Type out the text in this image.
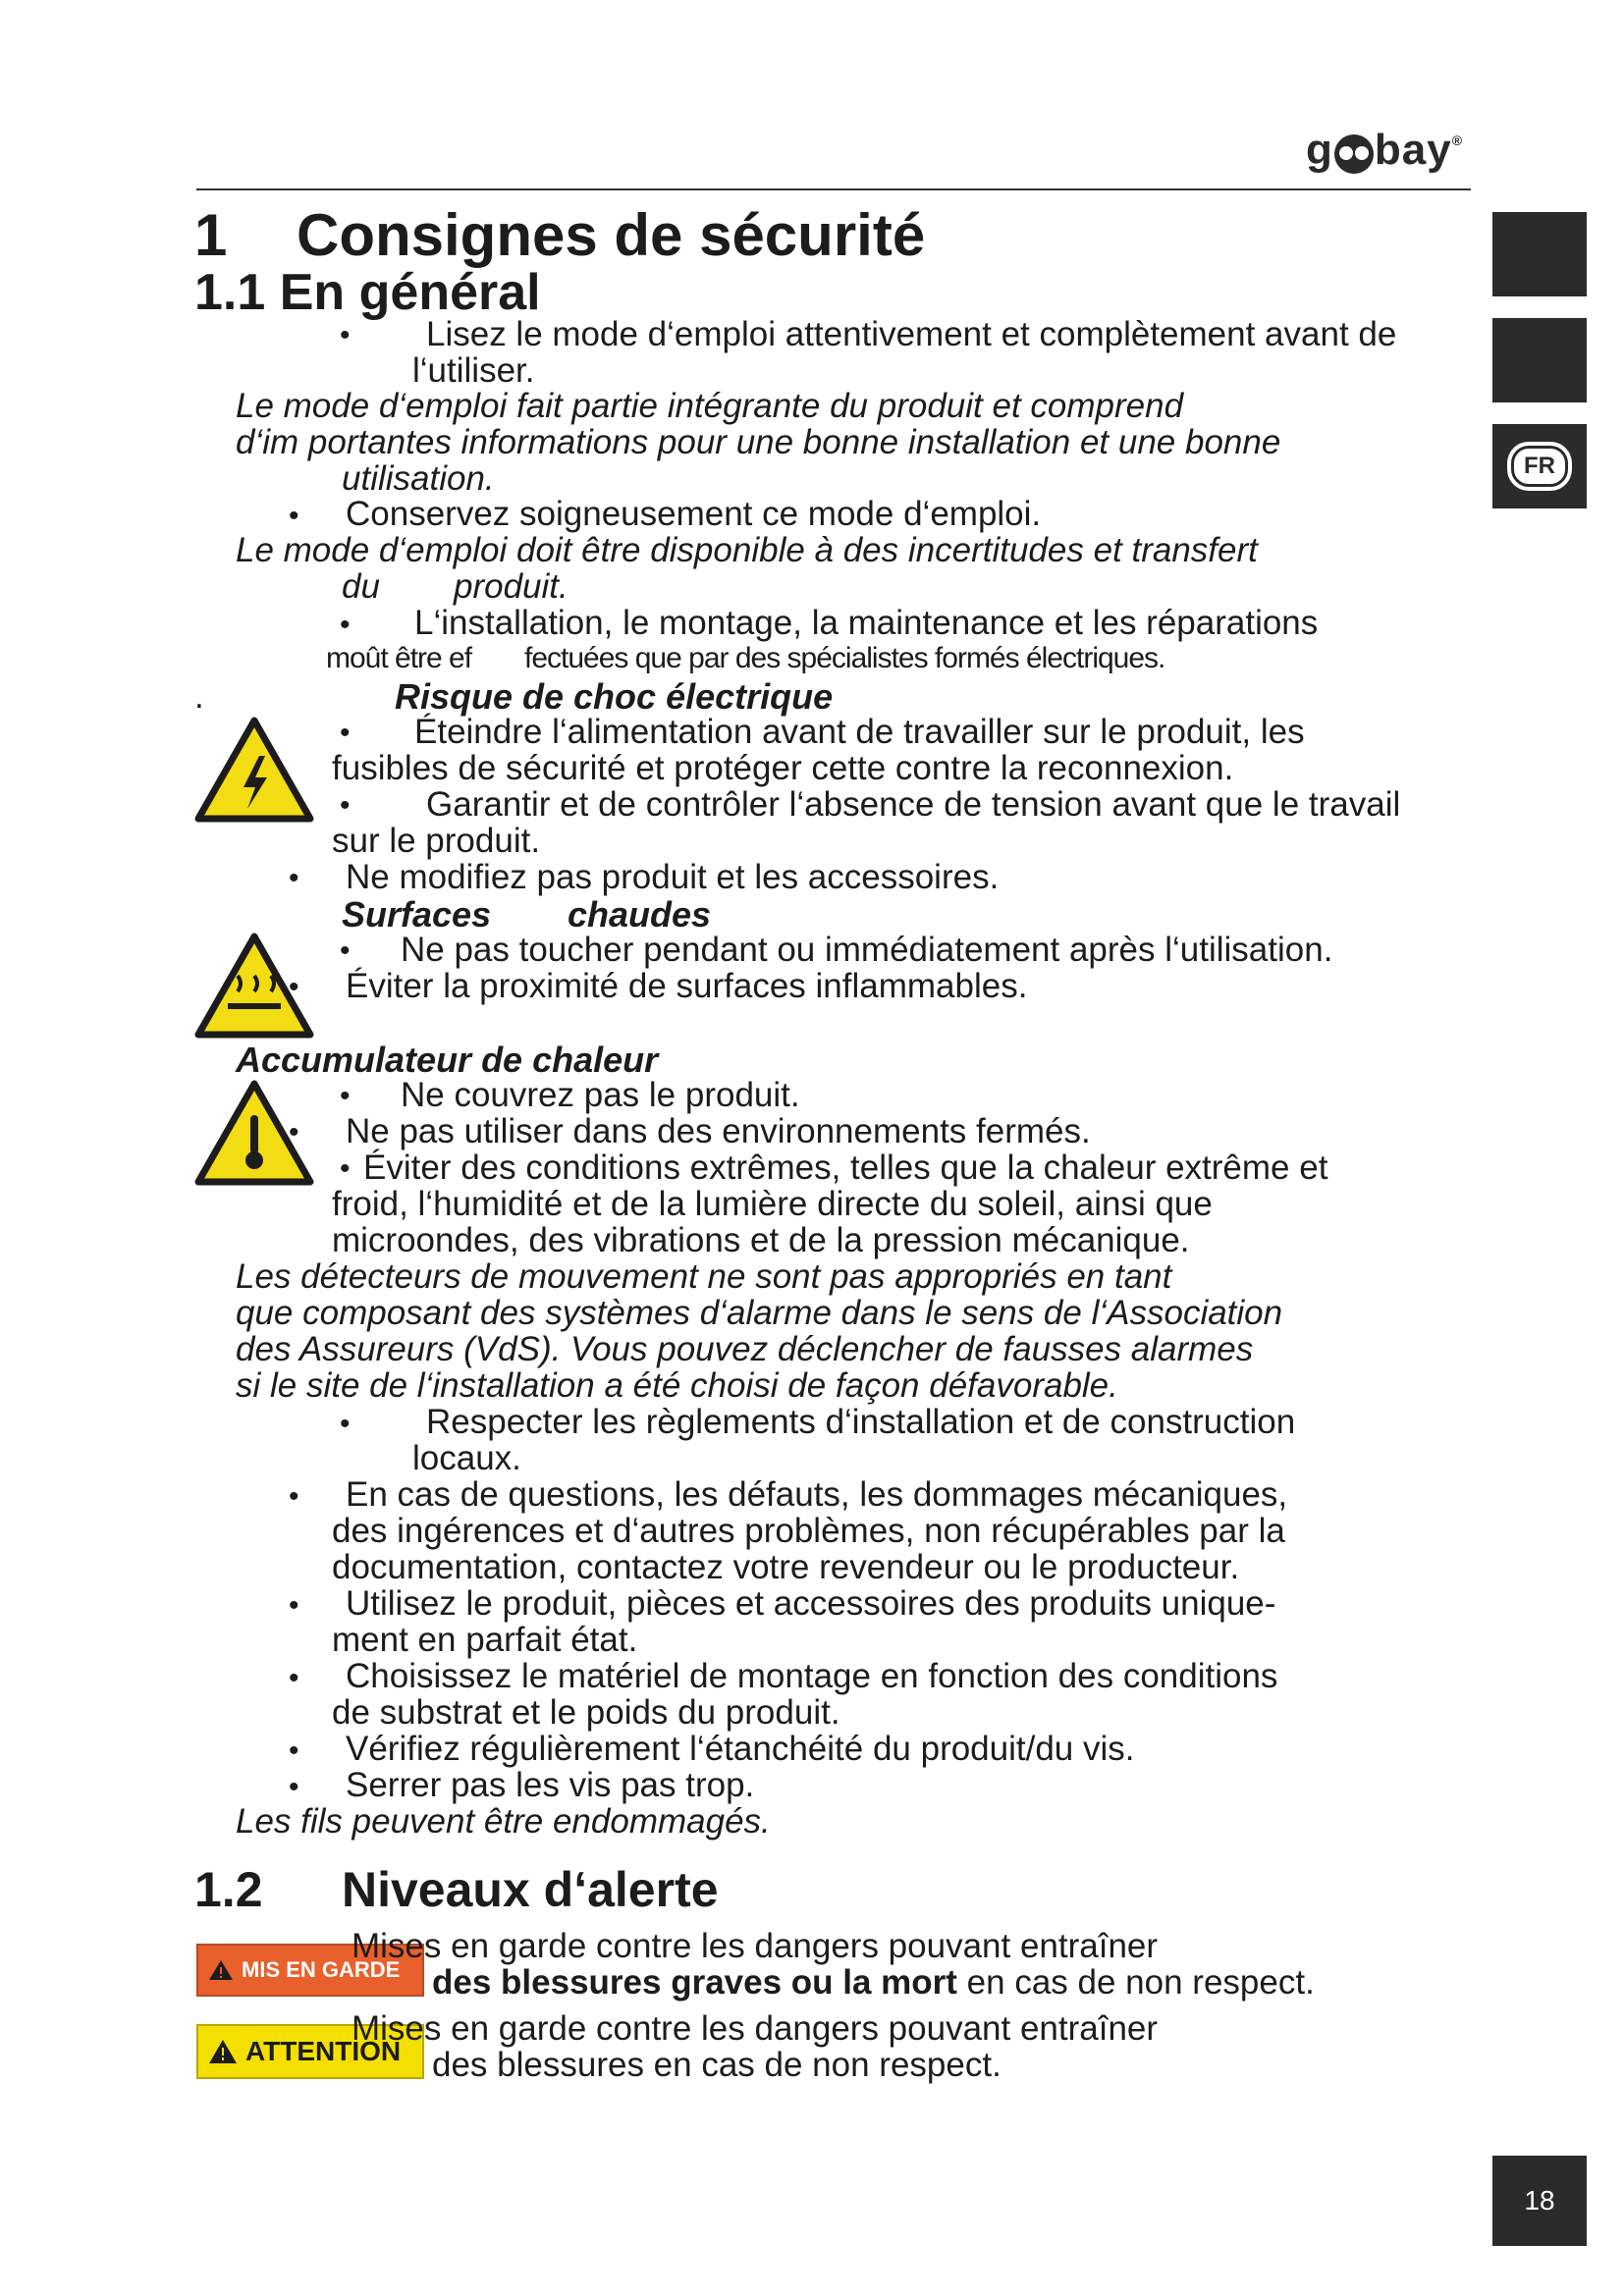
g bay ®
FR
1 Consignes de sécurité
1.1 En général

• Lisez le mode d‘emploi attentivement et complètement avant de

l‘utiliser.

Le mode d‘emploi fait partie intégrante du produit et comprend

d‘im portantes informations pour une bonne installation et une bonne

utilisation.

• Conservez soigneusement ce mode d‘emploi.

Le mode d‘emploi doit être disponible à des incertitudes et transfert

du produit.

• L‘installation, le montage, la maintenance et les réparations

moût être ef fectuées que par des spécialistes formés électriques.

.	Risque de choc électrique

• Éteindre l‘alimentation avant de travailler sur le produit, les

fusibles de sécurité et protéger cette contre la reconnexion.

• Garantir et de contrôler l‘absence de tension avant que le travail

sur le produit.

• Ne modifiez pas produit et les accessoires.

Surfaces chaudes

• Ne pas toucher pendant ou immédiatement après l‘utilisation.

• Éviter la proximité de surfaces inflammables.

Accumulateur de chaleur

• Ne couvrez pas le produit.

• Ne pas utiliser dans des environnements fermés.

• Éviter des conditions extrêmes, telles que la chaleur extrême et

froid, l‘humidité et de la lumière directe du soleil, ainsi que

microondes, des vibrations et de la pression mécanique.

Les détecteurs de mouvement ne sont pas appropriés en tant

que composant des systèmes d‘alarme dans le sens de l‘Association

des Assureurs (VdS). Vous pouvez déclencher de fausses alarmes

si le site de l‘installation a été choisi de façon défavorable.

• Respecter les règlements d‘installation et de construction

locaux.

• En cas de questions, les défauts, les dommages mécaniques,

des ingérences et d‘autres problèmes, non récupérables par la

documentation, contactez votre revendeur ou le producteur.

• Utilisez le produit, pièces et accessoires des produits unique-

ment en parfait état.

• Choisissez le matériel de montage en fonction des conditions

de substrat et le poids du produit.

• Vérifiez régulièrement l‘étanchéité du produit/du vis.

• Serrer pas les vis pas trop.

Les fils peuvent être endommagés.

1.2 Niveaux d‘alerte
MIS EN GARDE

Mises en garde contre les dangers pouvant entraîner

des blessures graves ou la mort en cas de non respect.

ATTENTION

Mises en garde contre les dangers pouvant entraîner

des blessures en cas de non respect.

18
